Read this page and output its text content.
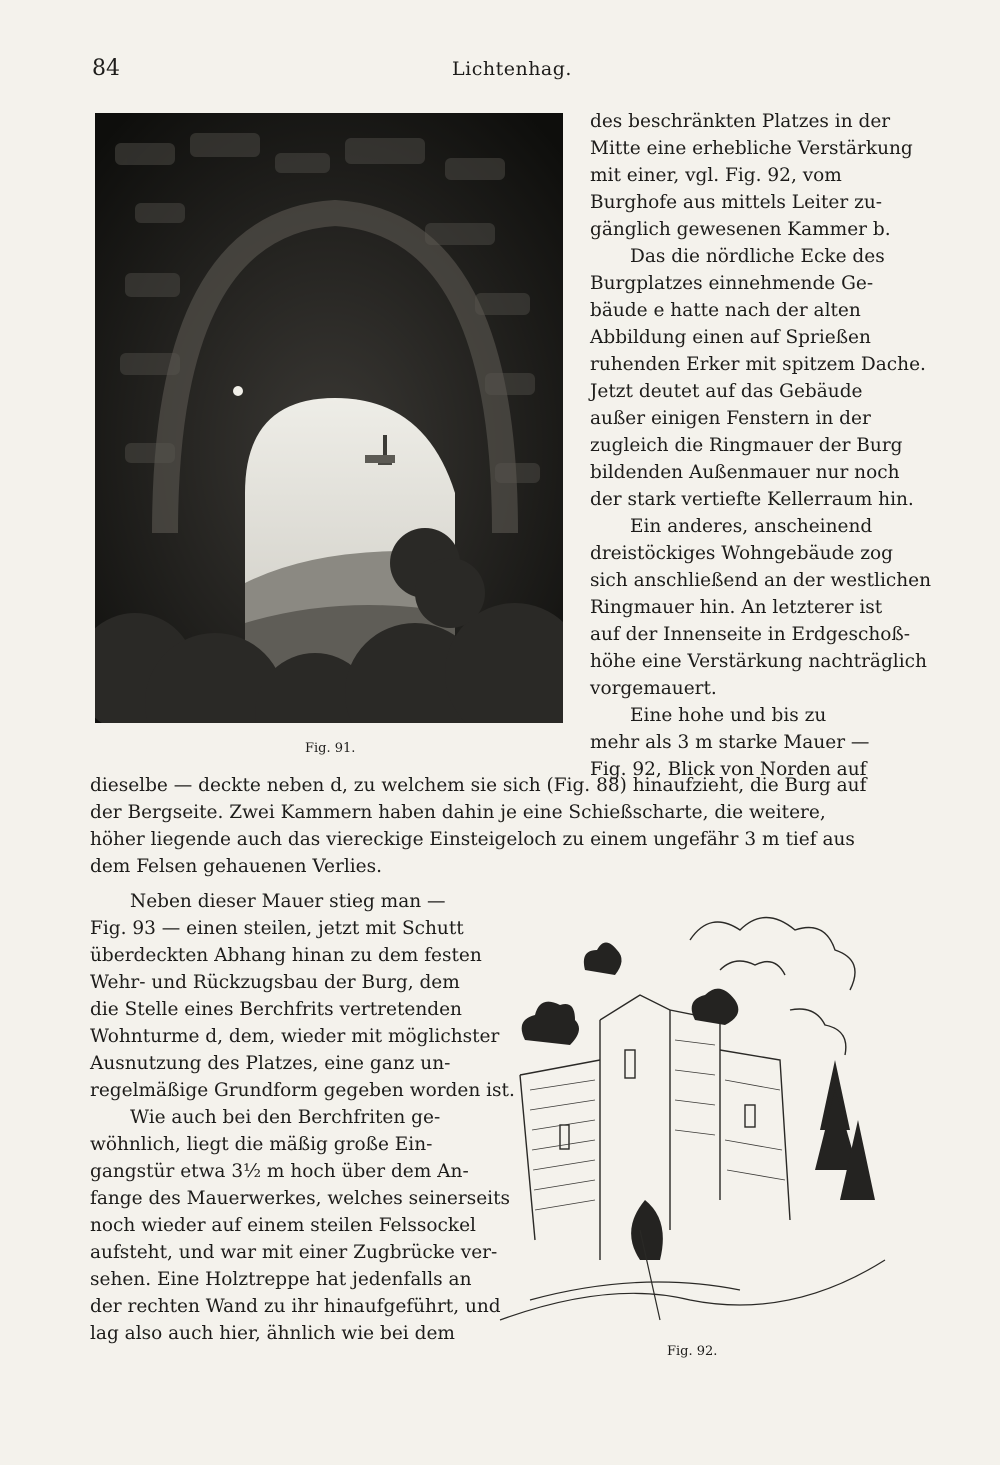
84	Lichtenhag.
Fig. 91.
des beschränkten Platzes in der
Mitte eine erhebliche Verstärkung
mit einer, vgl. Fig. 92, vom
Burghofe aus mittels Leiter zu-
gänglich gewesenen Kammer b.
Das die nördliche Ecke des
Burgplatzes einnehmende Ge-
bäude e hatte nach der alten
Abbildung einen auf Sprießen
ruhenden Erker mit spitzem Dache.
Jetzt deutet auf das Gebäude
außer einigen Fenstern in der
zugleich die Ringmauer der Burg
bildenden Außenmauer nur noch
der stark vertiefte Kellerraum hin.
Ein anderes, anscheinend
dreistöckiges Wohngebäude zog
sich anschließend an der westlichen
Ringmauer hin. An letzterer ist
auf der Innenseite in Erdgeschoß-
höhe eine Verstärkung nachträglich
vorgemauert.
Eine hohe und bis zu
mehr als 3 m starke Mauer —
Fig. 92, Blick von Norden auf
dieselbe — deckte neben d, zu welchem sie sich (Fig. 88) hinaufzieht, die Burg auf
der Bergseite. Zwei Kammern haben dahin je eine Schießscharte, die weitere,
höher liegende auch das viereckige Einsteigeloch zu einem ungefähr 3 m tief aus
dem Felsen gehauenen Verlies.
Neben dieser Mauer stieg man —
Fig. 93 — einen steilen, jetzt mit Schutt
überdeckten Abhang hinan zu dem festen
Wehr- und Rückzugsbau der Burg, dem
die Stelle eines Berchfrits vertretenden
Wohnturme d, dem, wieder mit möglichster
Ausnutzung des Platzes, eine ganz un-
regelmäßige Grundform gegeben worden ist.
Wie auch bei den Berchfriten ge-
wöhnlich, liegt die mäßig große Ein-
gangstür etwa 3½ m hoch über dem An-
fange des Mauerwerkes, welches seinerseits
noch wieder auf einem steilen Felssockel
aufsteht, und war mit einer Zugbrücke ver-
sehen. Eine Holztreppe hat jedenfalls an
der rechten Wand zu ihr hinaufgeführt, und
lag also auch hier, ähnlich wie bei dem
Fig. 92.
